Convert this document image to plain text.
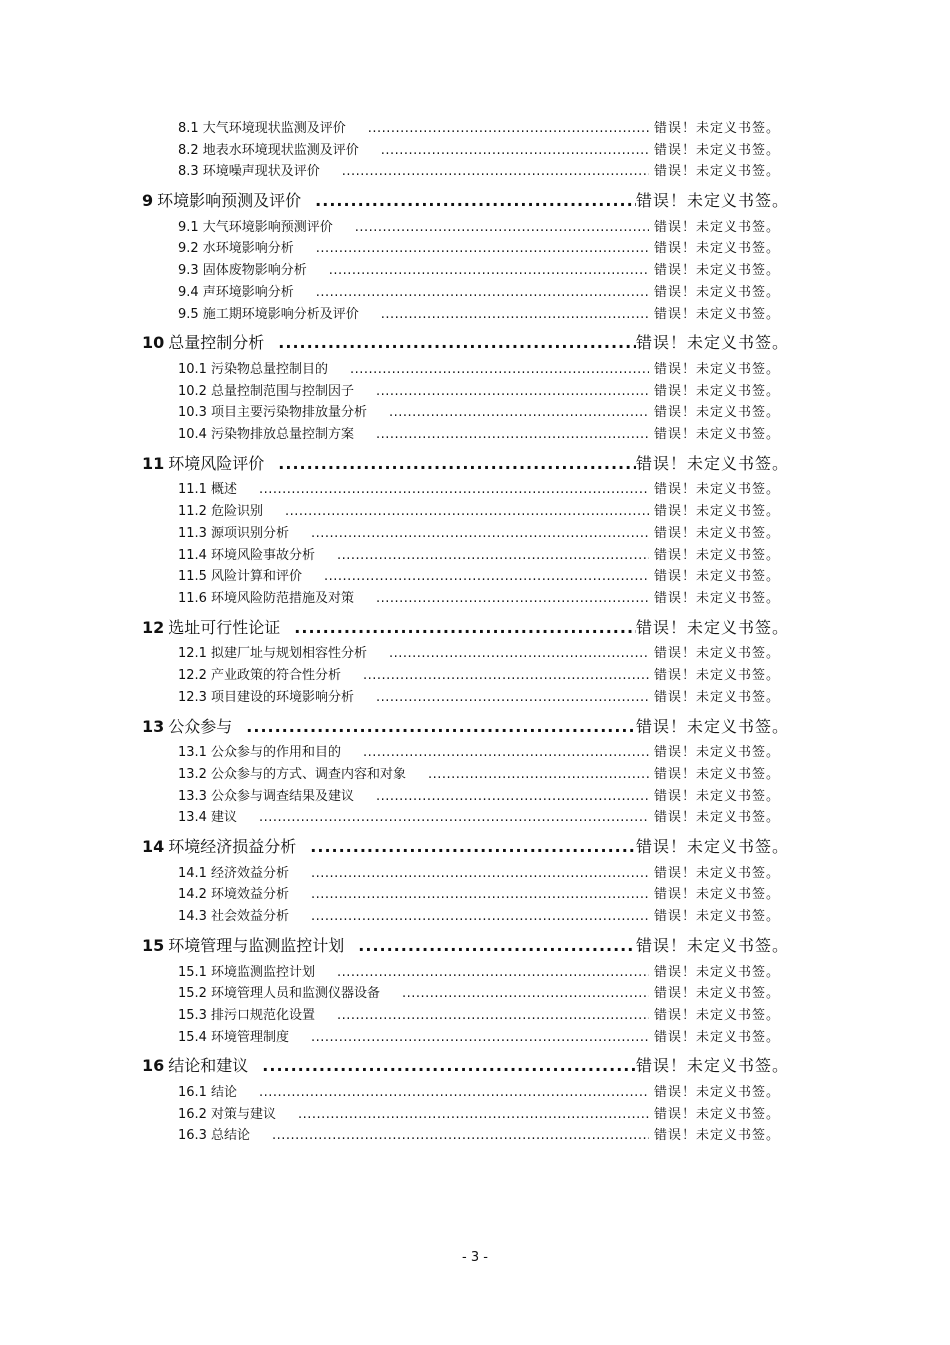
8.1 大气环境现状监测及评价 .....	错误！未定义书签。
8.2 地表水环境现状监测及评价 .....	错误！未定义书签。
8.3 环境噪声现状及评价 .....	错误！未定义书签。
9 环境影响预测及评价 .....	错误！未定义书签。
9.1 大气环境影响预测评价 .....	错误！未定义书签。
9.2 水环境影响分析 .....	错误！未定义书签。
9.3 固体废物影响分析 .....	错误！未定义书签。
9.4 声环境影响分析 .....	错误！未定义书签。
9.5 施工期环境影响分析及评价 .....	错误！未定义书签。
10 总量控制分析 .....	错误！未定义书签。
10.1 污染物总量控制目的 .....	错误！未定义书签。
10.2 总量控制范围与控制因子 .....	错误！未定义书签。
10.3 项目主要污染物排放量分析 .....	错误！未定义书签。
10.4 污染物排放总量控制方案 .....	错误！未定义书签。
11 环境风险评价 .....	错误！未定义书签。
11.1 概述 .....	错误！未定义书签。
11.2 危险识别 .....	错误！未定义书签。
11.3 源项识别分析 .....	错误！未定义书签。
11.4 环境风险事故分析 .....	错误！未定义书签。
11.5 风险计算和评价 .....	错误！未定义书签。
11.6 环境风险防范措施及对策 .....	错误！未定义书签。
12 选址可行性论证 .....	错误！未定义书签。
12.1 拟建厂址与规划相容性分析 .....	错误！未定义书签。
12.2 产业政策的符合性分析 .....	错误！未定义书签。
12.3 项目建设的环境影响分析 .....	错误！未定义书签。
13 公众参与 .....	错误！未定义书签。
13.1 公众参与的作用和目的 .....	错误！未定义书签。
13.2 公众参与的方式、调查内容和对象 .....	错误！未定义书签。
13.3 公众参与调查结果及建议 .....	错误！未定义书签。
13.4 建议 .....	错误！未定义书签。
14 环境经济损益分析 .....	错误！未定义书签。
14.1 经济效益分析 .....	错误！未定义书签。
14.2 环境效益分析 .....	错误！未定义书签。
14.3 社会效益分析 .....	错误！未定义书签。
15 环境管理与监测监控计划 .....	错误！未定义书签。
15.1 环境监测监控计划 .....	错误！未定义书签。
15.2 环境管理人员和监测仪器设备 .....	错误！未定义书签。
15.3 排污口规范化设置 .....	错误！未定义书签。
15.4 环境管理制度 .....	错误！未定义书签。
16 结论和建议 .....	错误！未定义书签。
16.1 结论 .....	错误！未定义书签。
16.2 对策与建议 .....	错误！未定义书签。
16.3 总结论 .....	错误！未定义书签。
- 3 -
